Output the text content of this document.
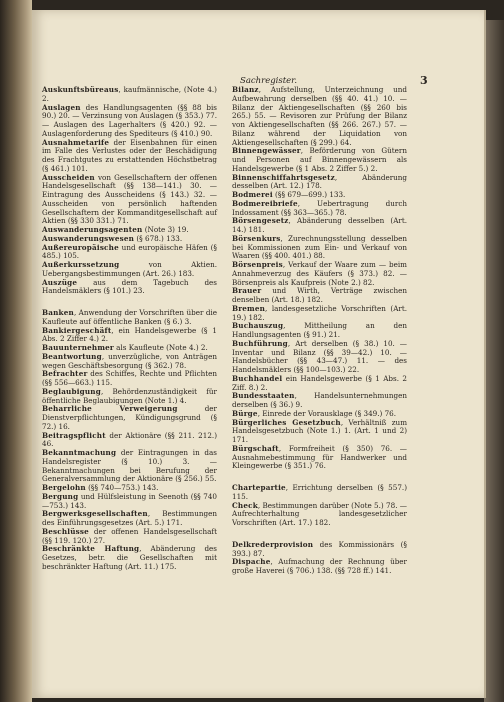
Sachregister.	3
Auskunftsbüreaus, kaufmännische, (Note 4.) 2.
Auslagen des Handlungsagenten (§§ 88 bis 90.) 20. — Verzinsung von Auslagen (§ 353.) 77. — Auslagen des Lagerhalters (§ 420.) 92. — Auslagenforderung des Spediteurs (§ 410.) 90.
Ausnahmetarife der Eisenbahnen für einen im Falle des Verlustes oder der Beschädigung des Frachtgutes zu erstattenden Höchstbetrag (§ 461.) 101.
Ausscheiden von Gesellschaftern der offenen Handelsgesellschaft (§§ 138—141.) 30. — Eintragung des Ausscheidens (§ 143.) 32. — Ausscheiden von persönlich haftenden Gesellschaftern der Kommanditgesellschaft auf Aktien (§§ 330 331.) 71.
Auswanderungsagenten (Note 3) 19.
Auswanderungswesen (§ 678.) 133.
Außereuropäische und europäische Häfen (§ 485.) 105.
Außerkurssetzung von Aktien. Uebergangsbestimmungen (Art. 26.) 183.
Auszüge aus dem Tagebuch des Handelsmäklers (§ 101.) 23.
Banken, Anwendung der Vorschriften über die Kaufleute auf öffentliche Banken (§ 6.) 3.
Bankiergeschäft, ein Handelsgewerbe (§ 1 Abs. 2 Ziffer 4.) 2.
Bauunternehmer als Kaufleute (Note 4.) 2.
Beantwortung, unverzügliche, von Anträgen wegen Geschäftsbesorgung (§ 362.) 78.
Befrachter des Schiffes, Rechte und Pflichten (§§ 556—663.) 115.
Beglaubigung, Behördenzuständigkeit für öffentliche Beglaubigungen (Note 1.) 4.
Beharrliche Verweigerung der Dienstverpflichtungen, Kündigungsgrund (§ 72.) 16.
Beitragspflicht der Aktionäre (§§ 211. 212.) 46.
Bekanntmachung der Eintragungen in das Handelsregister (§ 10.) 3. — Bekanntmachungen bei Berufung der Generalversammlung der Aktionäre (§ 256.) 55.
Bergelohn (§§ 740—753.) 143.
Bergung und Hülfsleistung in Seenoth (§§ 740—753.) 143.
Bergwerksgesellschaften, Bestimmungen des Einführungsgesetzes (Art. 5.) 171.
Beschlüsse der offenen Handelsgesellschaft (§§ 119. 120.) 27.
Beschränkte Haftung, Abänderung des Gesetzes, betr. die Gesellschaften mit beschränkter Haftung (Art. 11.) 175.
Bilanz, Aufstellung, Unterzeichnung und Aufbewahrung derselben (§§ 40. 41.) 10. — Bilanz der Aktiengesellschaften (§§ 260 bis 265.) 55. — Revisoren zur Prüfung der Bilanz von Aktiengesellschaften (§§ 266. 267.) 57. — Bilanz während der Liquidation von Aktiengesellschaften (§ 299.) 64.
Binnengewässer, Beförderung von Gütern und Personen auf Binnengewässern als Handelsgewerbe (§ 1 Abs. 2 Ziffer 5.) 2.
Binnenschiffahrtsgesetz, Abänderung desselben (Art. 12.) 178.
Bodmerei (§§ 679—699.) 133.
Bodmereibriefe, Uebertragung durch Indossament (§§ 363—365.) 78.
Börsengesetz, Abänderung desselben (Art. 14.) 181.
Börsenkurs, Zurechnungsstellung desselben bei Kommissionen zum Ein- und Verkauf von Waaren (§§ 400. 401.) 88.
Börsenpreis, Verkauf der Waare zum — beim Annahmeverzug des Käufers (§ 373.) 82. — Börsenpreis als Kaufpreis (Note 2.) 82.
Brauer und Wirth, Verträge zwischen denselben (Art. 18.) 182.
Bremen, landesgesetzliche Vorschriften (Art. 19.) 182.
Buchauszug, Mittheilung an den Handlungsagenten (§ 91.) 21.
Buchführung, Art derselben (§ 38.) 10. — Inventar und Bilanz (§§ 39—42.) 10. — Handelsbücher (§§ 43—47.) 11. — des Handelsmäklers (§§ 100—103.) 22.
Buchhandel ein Handelsgewerbe (§ 1 Abs. 2 Ziff. 8.) 2.
Bundesstaaten, Handelsunternehmungen derselben (§ 36.) 9.
Bürge, Einrede der Vorausklage (§ 349.) 76.
Bürgerliches Gesetzbuch, Verhältniß zum Handelsgesetzbuch (Note 1.) 1. (Art. 1 und 2) 171.
Bürgschaft, Formfreiheit (§ 350) 76. — Ausnahmebestimmung für Handwerker und Kleingewerbe (§ 351.) 76.
Chartepartie, Errichtung derselben (§ 557.) 115.
Check, Bestimmungen darüber (Note 5.) 78. — Aufrechterhaltung landesgesetzlicher Vorschriften (Art. 17.) 182.
Delkrederprovision des Kommissionärs (§ 393.) 87.
Dispache, Aufmachung der Rechnung über große Haverei (§ 706.) 138. (§§ 728 ff.) 141.
